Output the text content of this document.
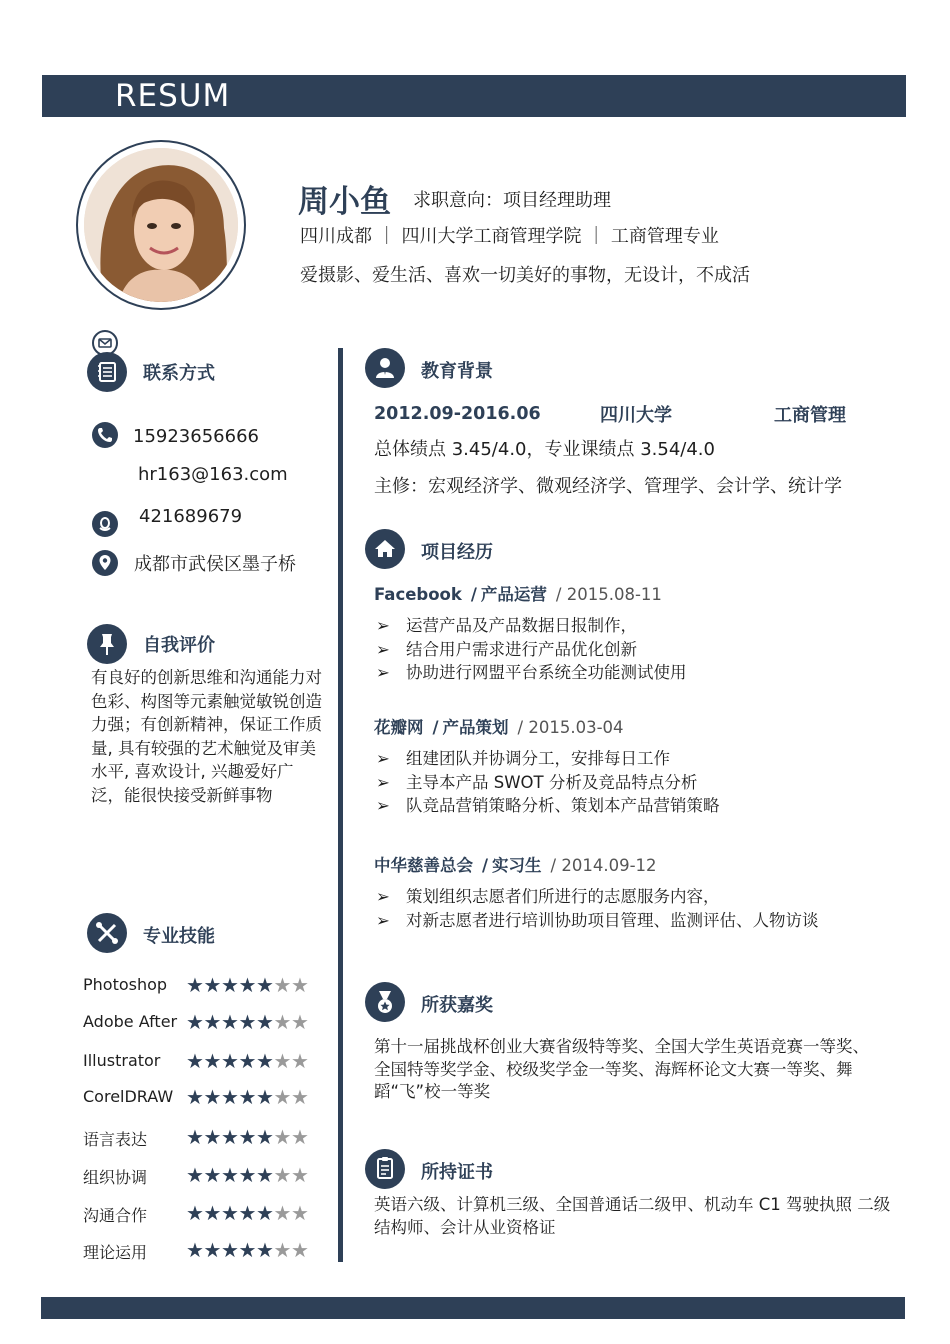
RESUM
周小鱼 求职意向：项目经理助理
四川成都 ｜ 四川大学工商管理学院 ｜ 工商管理专业
爱摄影、爱生活、喜欢一切美好的事物，无设计，不成活
联系方式
15923656666
hr163@163.com
421689679
成都市武侯区墨子桥
自我评价
有良好的创新思维和沟通能力对色彩、构图等元素触觉敏锐创造力强；有创新精神，保证工作质量, 具有较强的艺术触觉及审美水平, 喜欢设计, 兴趣爱好广泛，能很快接受新鲜事物
专业技能
Photoshop ★★★★★★★
Adobe After ★★★★★★★
Illustrator ★★★★★★★
CorelDRAW ★★★★★★★
语言表达 ★★★★★★★
组织协调 ★★★★★★★
沟通合作 ★★★★★★★
理论运用 ★★★★★★★
教育背景
2012.09-2016.06	四川大学	工商管理
总体绩点 3.45/4.0，专业课绩点 3.54/4.0
主修：宏观经济学、微观经济学、管理学、会计学、统计学
项目经历
Facebook / 产品运营 / 2015.08-11
➢ 运营产品及产品数据日报制作，
➢ 结合用户需求进行产品优化创新
➢ 协助进行网盟平台系统全功能测试使用
花瓣网 / 产品策划 / 2015.03-04
➢ 组建团队并协调分工，安排每日工作
➢ 主导本产品 SWOT 分析及竞品特点分析
➢ 队竞品营销策略分析、策划本产品营销策略
中华慈善总会 / 实习生 / 2014.09-12
➢ 策划组织志愿者们所进行的志愿服务内容，
➢ 对新志愿者进行培训协助项目管理、监测评估、人物访谈
所获嘉奖
第十一届挑战杯创业大赛省级特等奖、全国大学生英语竞赛一等奖、全国特等奖学金、校级奖学金一等奖、海辉杯论文大赛一等奖、舞蹈“飞”校一等奖
所持证书
英语六级、计算机三级、全国普通话二级甲、机动车 C1 驾驶执照 二级结构师、会计从业资格证
